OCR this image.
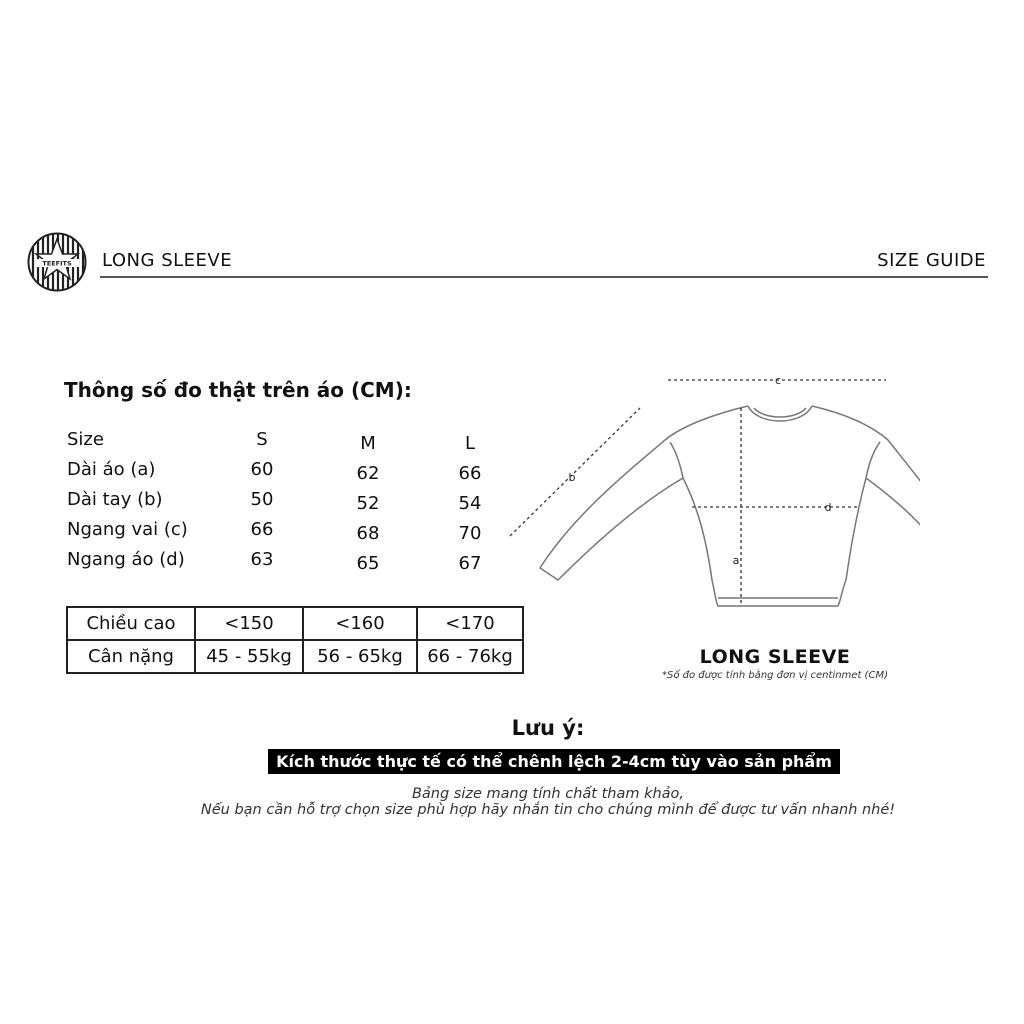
TEEFITS LONG SLEEVE	SIZE GUIDE
Thông số đo thật trên áo (CM):
Size	S	M	L
Dài áo (a)	60	62	66
Dài tay (b)	50	52	54
Ngang vai (c)	66	68	70
Ngang áo (d)	63	65	67
Chiều cao	<150	<160	<170
Cân nặng	45 - 55kg	56 - 65kg	66 - 76kg
c
b
d
a
LONG SLEEVE
*Số đo được tính bằng đơn vị centinmet (CM)
Lưu ý:
Kích thước thực tế có thể chênh lệch 2-4cm tùy vào sản phẩm
Bảng size mang tính chất tham khảo,
Nếu bạn cần hỗ trợ chọn size phù hợp hãy nhắn tin cho chúng mình để được tư vấn nhanh nhé!
